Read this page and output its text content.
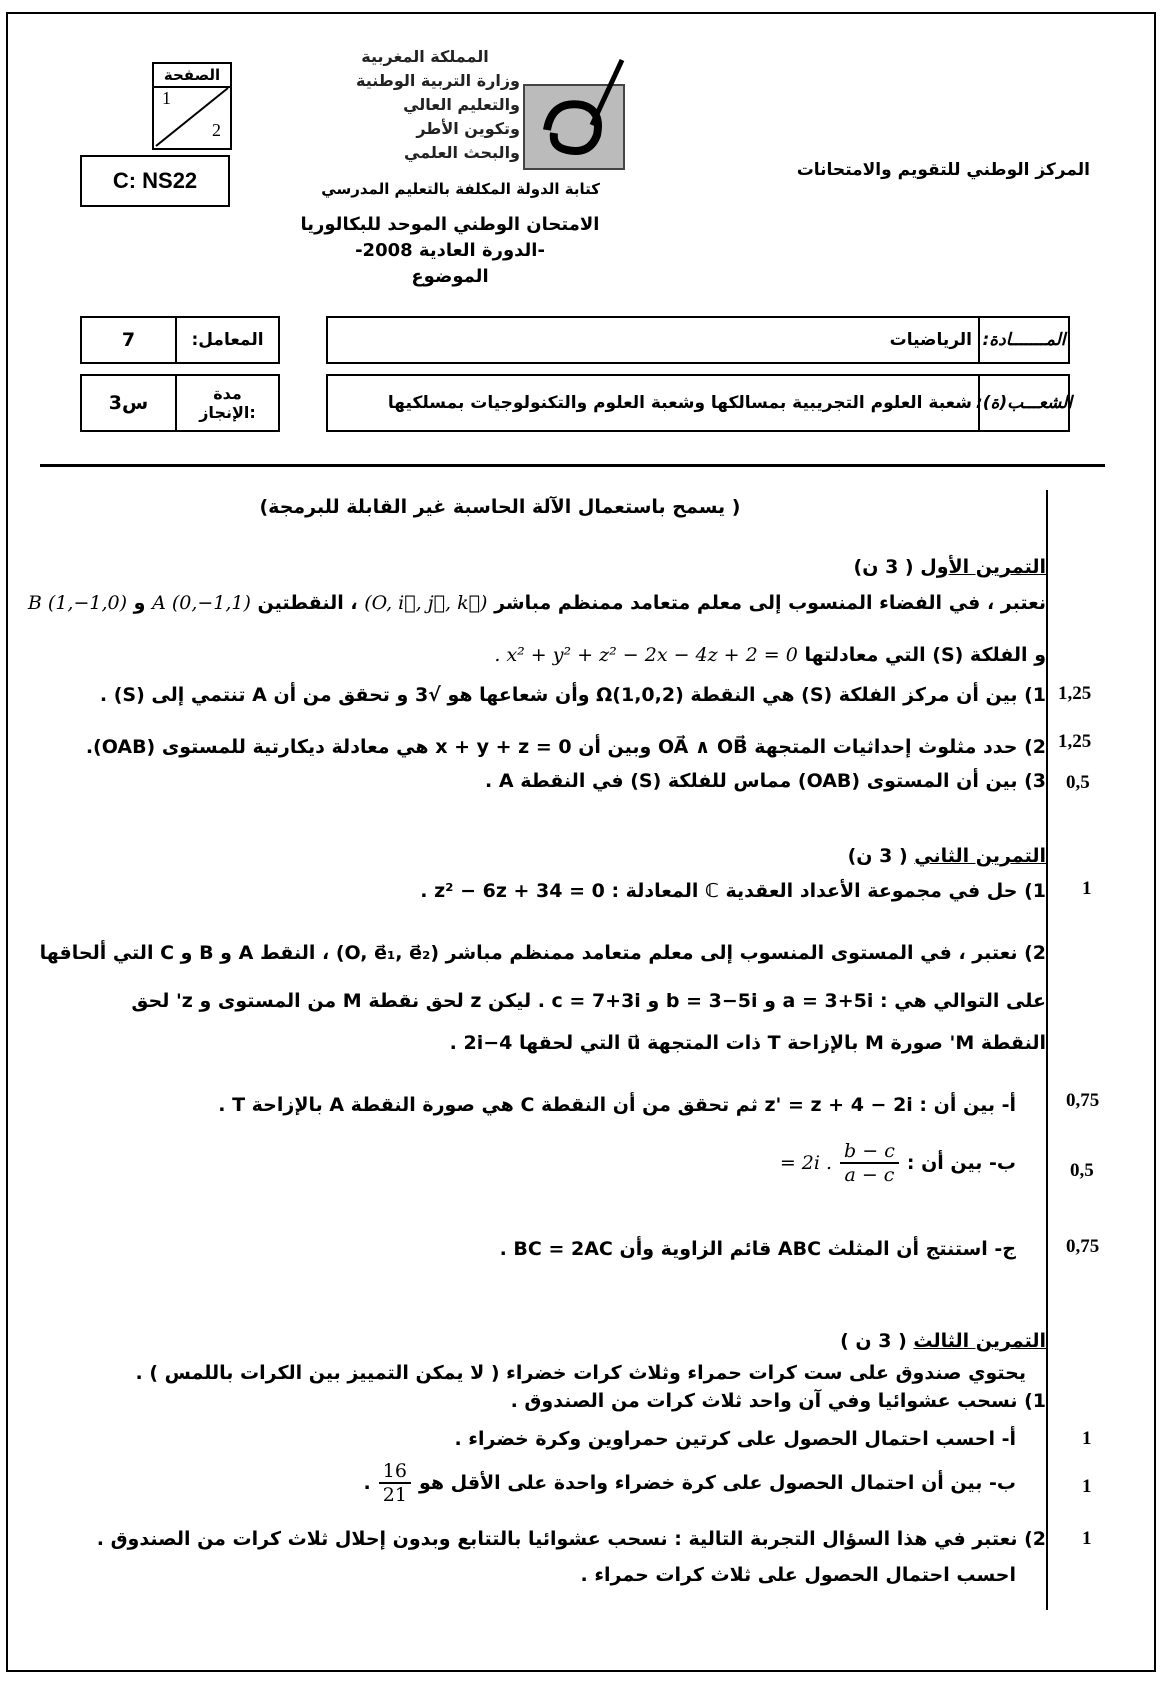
الصفحة
1
2
C: NS22
المملكة المغربية
وزارة التربية الوطنية
والتعليم العالي
وتكوين الأطر
والبحث العلمي
كتابة الدولة المكلفة بالتعليم المدرسي
المركز الوطني للتقويم والامتحانات
الامتحان الوطني الموحد للبكالوريا
-الدورة العادية 2008-
الموضوع
7	المعامل:
3س	مدة
الإنجاز:
المـــــــادة:
الرياضيات
الشعـــب(ة):
شعبة العلوم التجريبية بمسالكها وشعبة العلوم والتكنولوجيات بمسلكيها
( يسمح باستعمال الآلة الحاسبة غير القابلة للبرمجة)
التمرين الأول ( 3 ن)
نعتبر ، في الفضاء المنسوب إلى معلم متعامد ممنظم مباشر (O, i⃗, j⃗, k⃗) ، النقطتين A (0,−1,1) و B (1,−1,0)
و الفلكة (S) التي معادلتها x² + y² + z² − 2x − 4z + 2 = 0 .
1,25
1) بين أن مركز الفلكة (S) هي النقطة Ω(1,0,2) وأن شعاعها هو √3 و تحقق من أن A تنتمي إلى (S) .
1,25
2) حدد مثلوث إحداثيات المتجهة OA⃗ ∧ OB⃗ وبين أن x + y + z = 0 هي معادلة ديكارتية للمستوى (OAB).
0,5
3) بين أن المستوى (OAB) مماس للفلكة (S) في النقطة A .
التمرين الثاني ( 3 ن)
1
1) حل في مجموعة الأعداد العقدية ℂ المعادلة : z² − 6z + 34 = 0 .
2) نعتبر ، في المستوى المنسوب إلى معلم متعامد ممنظم مباشر (O, e⃗₁, e⃗₂) ، النقط A و B و C التي ألحاقها
على التوالي هي : a = 3+5i و b = 3−5i و c = 7+3i . ليكن z لحق نقطة M من المستوى و z' لحق
النقطة M' صورة M بالإزاحة T ذات المتجهة u⃗ التي لحقها 4−2i .
0,75
أ- بين أن : z' = z + 4 − 2i ثم تحقق من أن النقطة C هي صورة النقطة A بالإزاحة T .
0,5
ب- بين أن :
$\frac{b - c}{a - c}$
= 2i .
0,75
ج- استنتج أن المثلث ABC قائم الزاوية وأن BC = 2AC .
التمرين الثالث ( 3 ن )
يحتوي صندوق على ست كرات حمراء وثلاث كرات خضراء ( لا يمكن التمييز بين الكرات باللمس ) .
1) نسحب عشوائيا وفي آن واحد ثلاث كرات من الصندوق .
1
أ- احسب احتمال الحصول على كرتين حمراوين وكرة خضراء .
1
ب- بين أن احتمال الحصول على كرة خضراء واحدة على الأقل هو
16
21
.
1
2) نعتبر في هذا السؤال التجربة التالية : نسحب عشوائيا بالتتابع وبدون إحلال ثلاث كرات من الصندوق .
احسب احتمال الحصول على ثلاث كرات حمراء .
